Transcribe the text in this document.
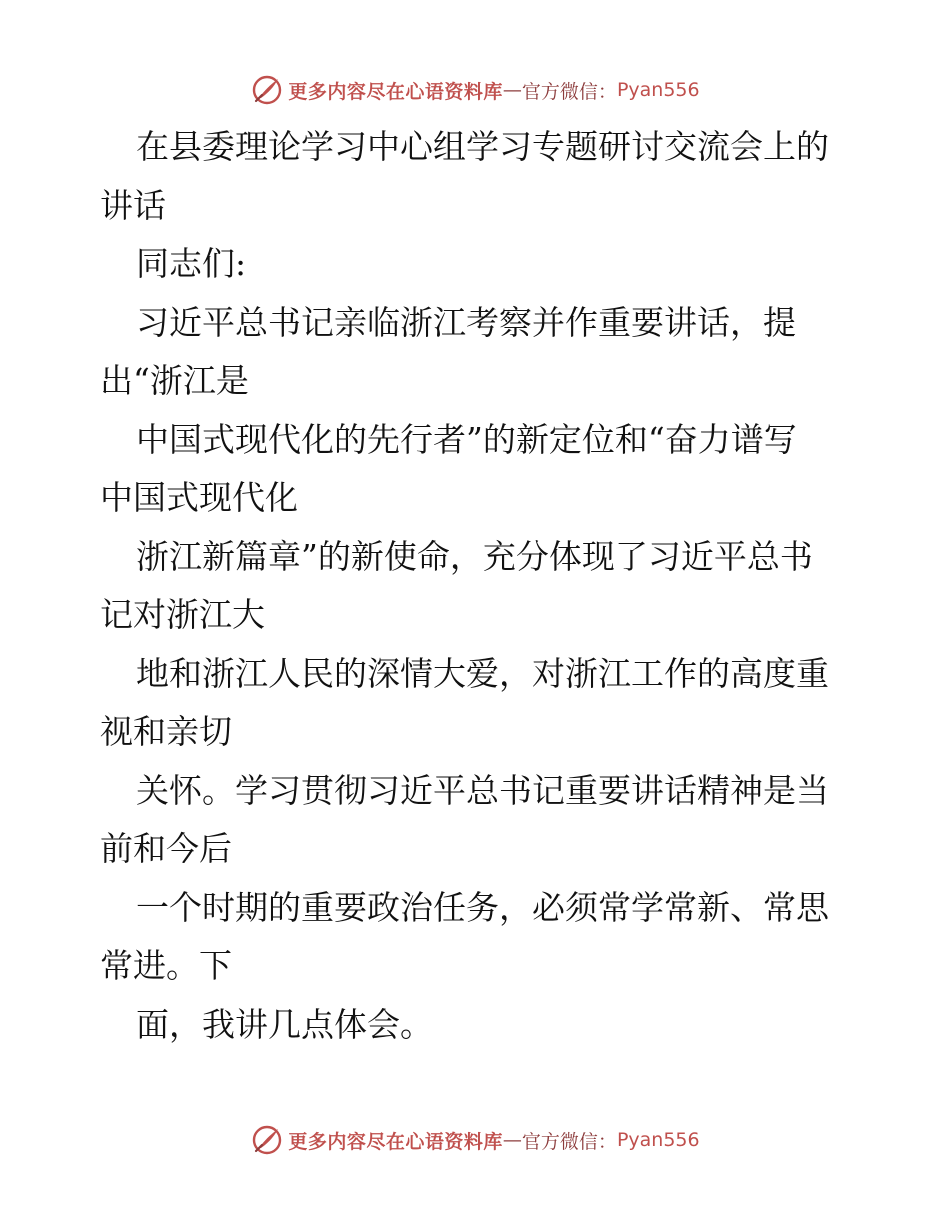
更多内容尽在心语资料库 — 官方微信： Pyan556
在县委理论学习中心组学习专题研讨交流会上的
讲话
同志们:
习近平总书记亲临浙江考察并作重要讲话，提
出“浙江是
中国式现代化的先行者”的新定位和“奋力谱写
中国式现代化
浙江新篇章”的新使命，充分体现了习近平总书
记对浙江大
地和浙江人民的深情大爱，对浙江工作的高度重
视和亲切
关怀。学习贯彻习近平总书记重要讲话精神是当
前和今后
一个时期的重要政治任务，必须常学常新、常思
常进。下
面，我讲几点体会。
更多内容尽在心语资料库 — 官方微信： Pyan556
